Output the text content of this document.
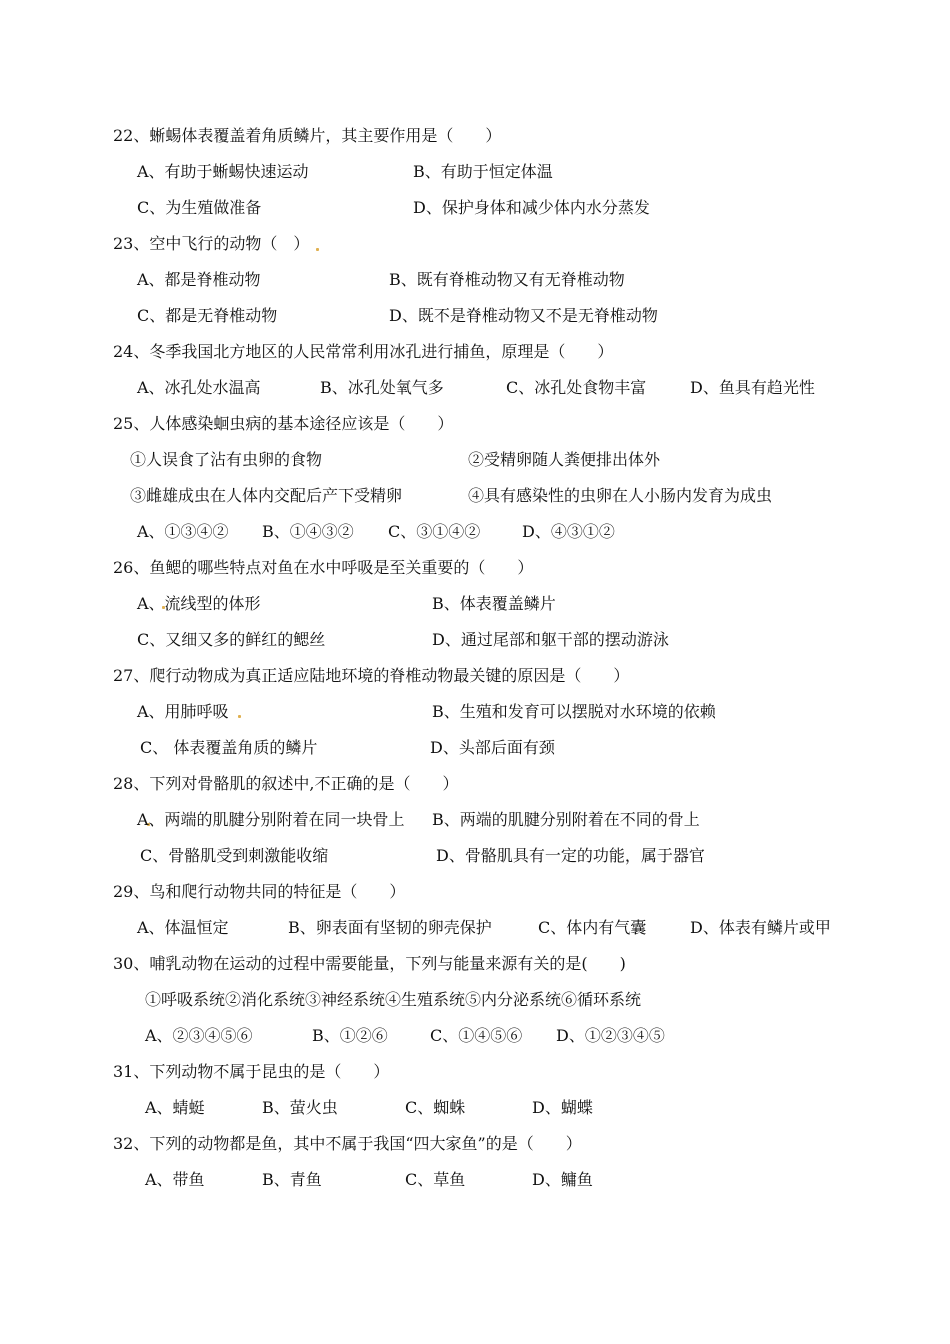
22、蜥蜴体表覆盖着角质鳞片，其主要作用是（　　）
A、有助于蜥蜴快速运动	B、有助于恒定体温
C、为生殖做准备	D、保护身体和减少体内水分蒸发
23、空中飞行的动物（　）
A、都是脊椎动物	B、既有脊椎动物又有无脊椎动物
C、都是无脊椎动物	D、既不是脊椎动物又不是无脊椎动物
24、冬季我国北方地区的人民常常利用冰孔进行捕鱼，原理是（　　）
A、冰孔处水温高	B、冰孔处氧气多	C、冰孔处食物丰富	D、鱼具有趋光性
25、人体感染蛔虫病的基本途径应该是（　　）
①人误食了沾有虫卵的食物	②受精卵随人粪便排出体外
③雌雄成虫在人体内交配后产下受精卵	④具有感染性的虫卵在人小肠内发育为成虫
A、①③④② B、①④③② C、③①④②	D、④③①②
26、鱼鳃的哪些特点对鱼在水中呼吸是至关重要的（　　）
A、流线型的体形	B、体表覆盖鳞片
C、又细又多的鲜红的鳃丝	D、通过尾部和躯干部的摆动游泳
27、爬行动物成为真正适应陆地环境的脊椎动物最关键的原因是（　　）
A、用肺呼吸	B、生殖和发育可以摆脱对水环境的依赖
C、 体表覆盖角质的鳞片	D、头部后面有颈
28、下列对骨骼肌的叙述中,不正确的是（　　）
A、两端的肌腱分别附着在同一块骨上 B、两端的肌腱分别附着在不同的骨上
C、骨骼肌受到刺激能收缩	D、骨骼肌具有一定的功能，属于器官
29、鸟和爬行动物共同的特征是（　　）
A、体温恒定	B、卵表面有坚韧的卵壳保护	C、体内有气囊	D、体表有鳞片或甲
30、哺乳动物在运动的过程中需要能量，下列与能量来源有关的是(　　)
①呼吸系统②消化系统③神经系统④生殖系统⑤内分泌系统⑥循环系统
A、②③④⑤⑥	B、①②⑥	C、①④⑤⑥ D、①②③④⑤
31、下列动物不属于昆虫的是（　　）
A、蜻蜓	B、萤火虫	C、蜘蛛	D、蝴蝶
32、下列的动物都是鱼，其中不属于我国“四大家鱼”的是（　　）
A、带鱼	B、青鱼	C、草鱼	D、鳙鱼
